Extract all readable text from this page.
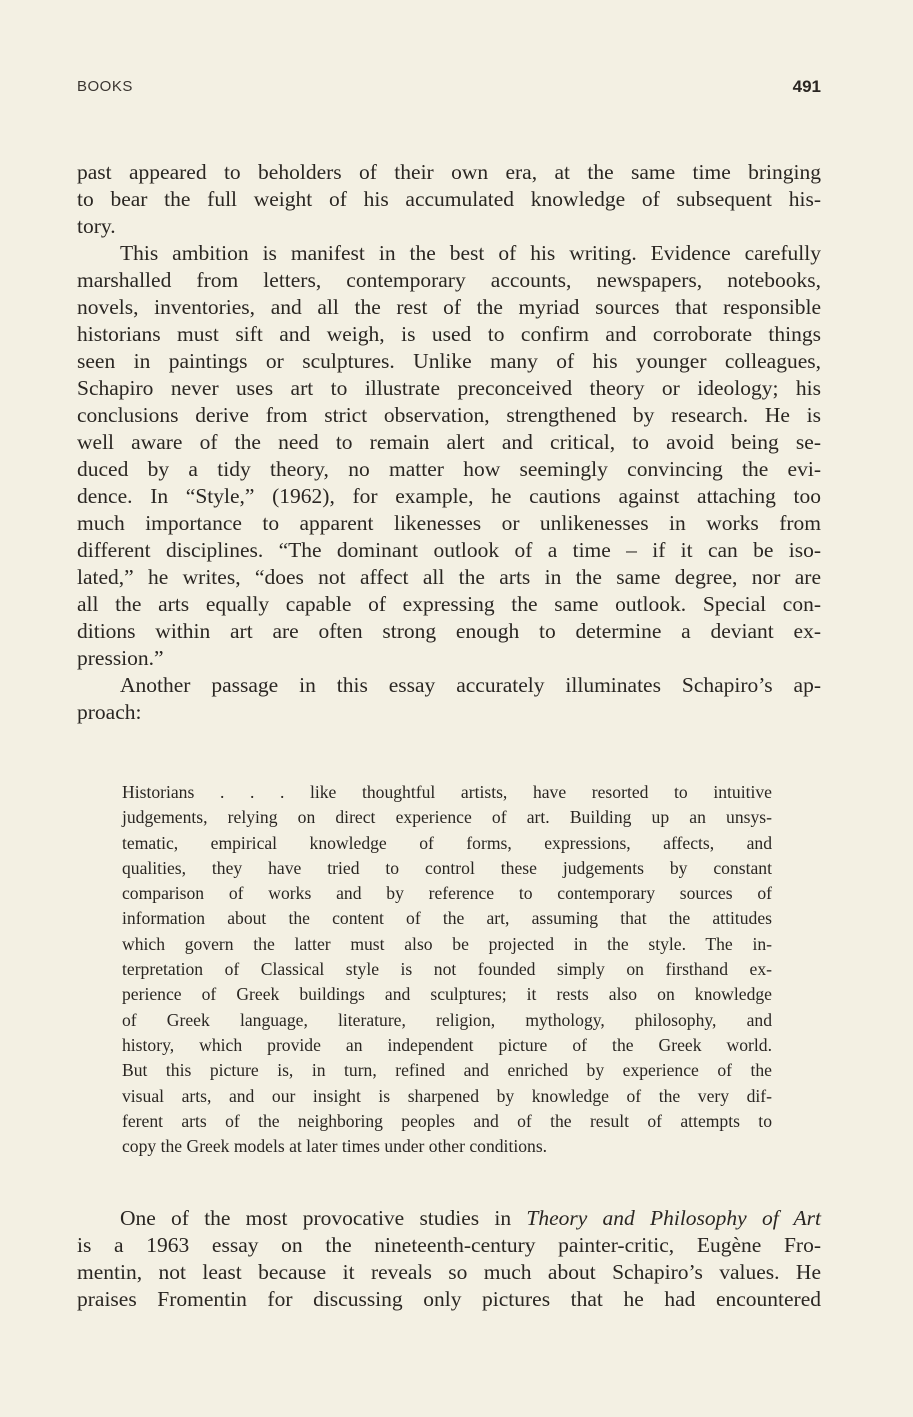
BOOKS	491
past appeared to beholders of their own era, at the same time bringing
to bear the full weight of his accumulated knowledge of subsequent his-
tory.
This ambition is manifest in the best of his writing. Evidence carefully
marshalled from letters, contemporary accounts, newspapers, notebooks,
novels, inventories, and all the rest of the myriad sources that responsible
historians must sift and weigh, is used to confirm and corroborate things
seen in paintings or sculptures. Unlike many of his younger colleagues,
Schapiro never uses art to illustrate preconceived theory or ideology; his
conclusions derive from strict observation, strengthened by research. He is
well aware of the need to remain alert and critical, to avoid being se-
duced by a tidy theory, no matter how seemingly convincing the evi-
dence. In “Style,” (1962), for example, he cautions against attaching too
much importance to apparent likenesses or unlikenesses in works from
different disciplines. “The dominant outlook of a time – if it can be iso-
lated,” he writes, “does not affect all the arts in the same degree, nor are
all the arts equally capable of expressing the same outlook. Special con-
ditions within art are often strong enough to determine a deviant ex-
pression.”
Another passage in this essay accurately illuminates Schapiro’s ap-
proach:
Historians . . . like thoughtful artists, have resorted to intuitive
judgements, relying on direct experience of art. Building up an unsys-
tematic, empirical knowledge of forms, expressions, affects, and
qualities, they have tried to control these judgements by constant
comparison of works and by reference to contemporary sources of
information about the content of the art, assuming that the attitudes
which govern the latter must also be projected in the style. The in-
terpretation of Classical style is not founded simply on firsthand ex-
perience of Greek buildings and sculptures; it rests also on knowledge
of Greek language, literature, religion, mythology, philosophy, and
history, which provide an independent picture of the Greek world.
But this picture is, in turn, refined and enriched by experience of the
visual arts, and our insight is sharpened by knowledge of the very dif-
ferent arts of the neighboring peoples and of the result of attempts to
copy the Greek models at later times under other conditions.
One of the most provocative studies in Theory and Philosophy of Art
is a 1963 essay on the nineteenth-century painter-critic, Eugène Fro-
mentin, not least because it reveals so much about Schapiro’s values. He
praises Fromentin for discussing only pictures that he had encountered
